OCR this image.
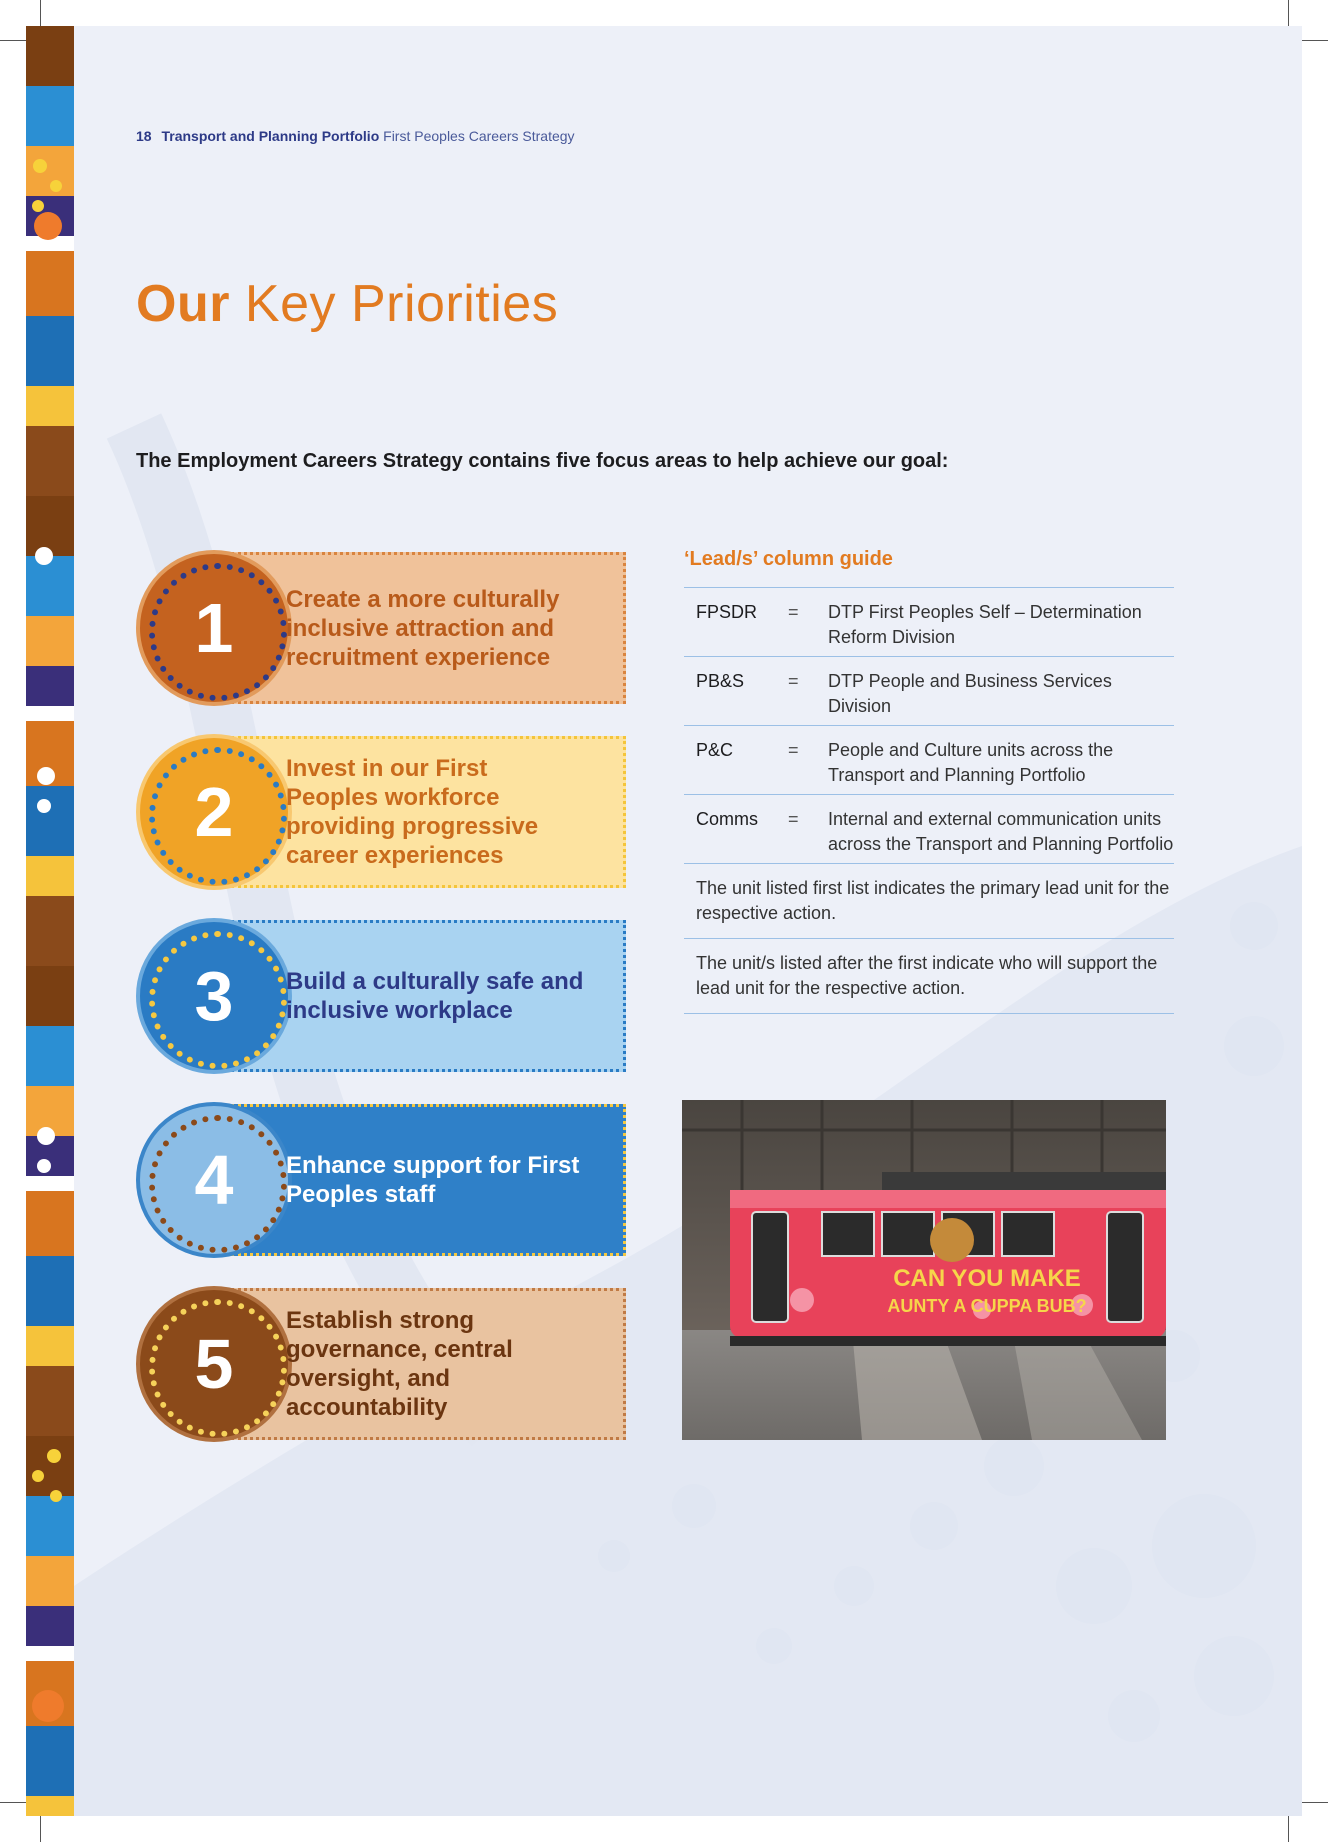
18 Transport and Planning Portfolio First Peoples Careers Strategy
Our Key Priorities
The Employment Careers Strategy contains five focus areas to help achieve our goal:
1 Create a more culturally inclusive attraction and recruitment experience
2
Invest in our First Peoples workforce providing progressive career experiences
3 Build a culturally safe and inclusive workplace
4 Enhance support for First Peoples staff
5
Establish strong governance, central oversight, and accountability
‘Lead/s’ column guide
FPSDR	=	DTP First Peoples Self – Determination Reform Division
PB&S	=	DTP People and Business Services Division
P&C	=	People and Culture units across the Transport and Planning Portfolio
Comms	=	Internal and external communication units across the Transport and Planning Portfolio
The unit listed first list indicates the primary lead unit for the respective action.
The unit/s listed after the first indicate who will support the lead unit for the respective action.
CAN YOU MAKE
AUNTY A CUPPA BUB?
